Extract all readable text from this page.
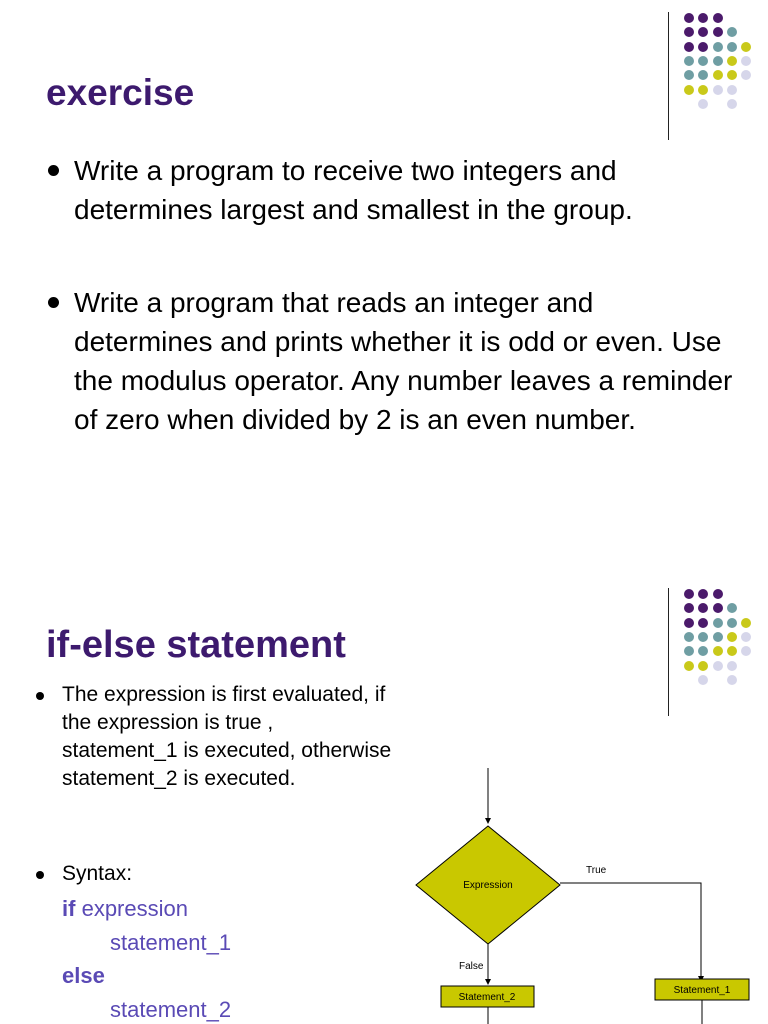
exercise
Write a program to receive two integers and determines largest and smallest in the group.
Write a program that reads an integer and determines and prints whether it is odd or even. Use the modulus operator. Any number leaves a reminder of zero when divided by 2 is an even number.
if-else statement
The expression is first evaluated, if the expression is true , statement_1 is executed, otherwise statement_2 is executed.
Syntax:
if expression
statement_1
else
statement_2
Expression
True
False
Statement_2
Statement_1
